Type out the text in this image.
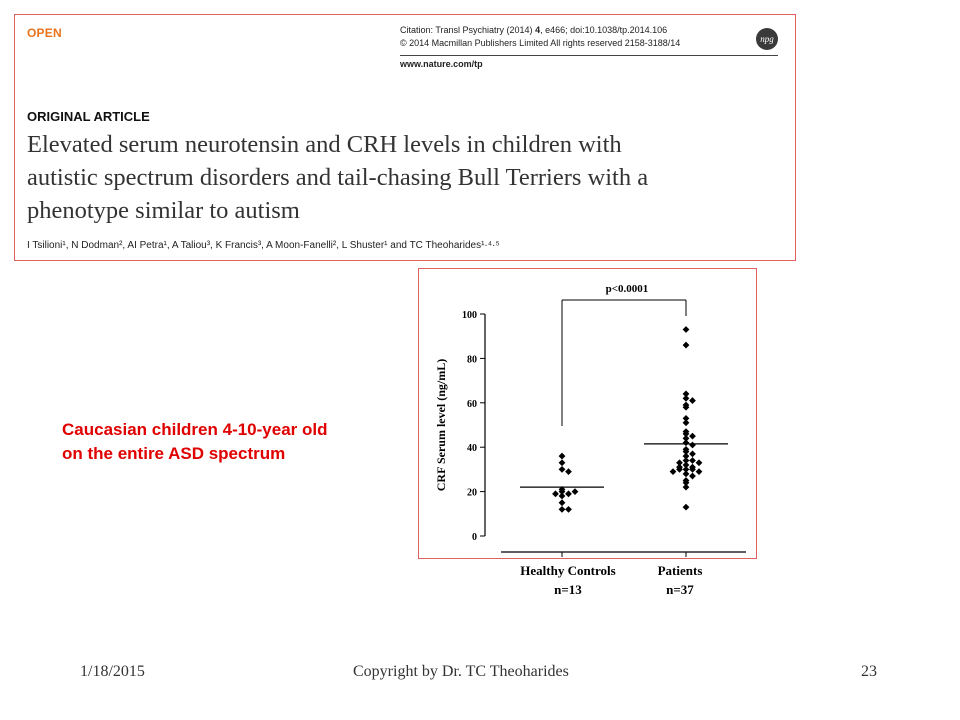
OPEN	Citation: Transl Psychiatry (2014) 4, e466; doi:10.1038/tp.2014.106
© 2014 Macmillan Publishers Limited All rights reserved 2158-3188/14	npg
www.nature.com/tp
ORIGINAL ARTICLE
Elevated serum neurotensin and CRH levels in children with
autistic spectrum disorders and tail-chasing Bull Terriers with a
phenotype similar to autism
I Tsilioni¹, N Dodman², AI Petra¹, A Taliou³, K Francis³, A Moon-Fanelli², L Shuster¹ and TC Theoharides¹·⁴·⁵
Caucasian children 4-10-year old
on the entire ASD spectrum	CRF Serum level (ng/mL)
p<0.0001
0
20
40
60
80
100
Healthy Controls
n=13
Patients
n=37
1/18/2015	Copyright by Dr. TC Theoharides	23
